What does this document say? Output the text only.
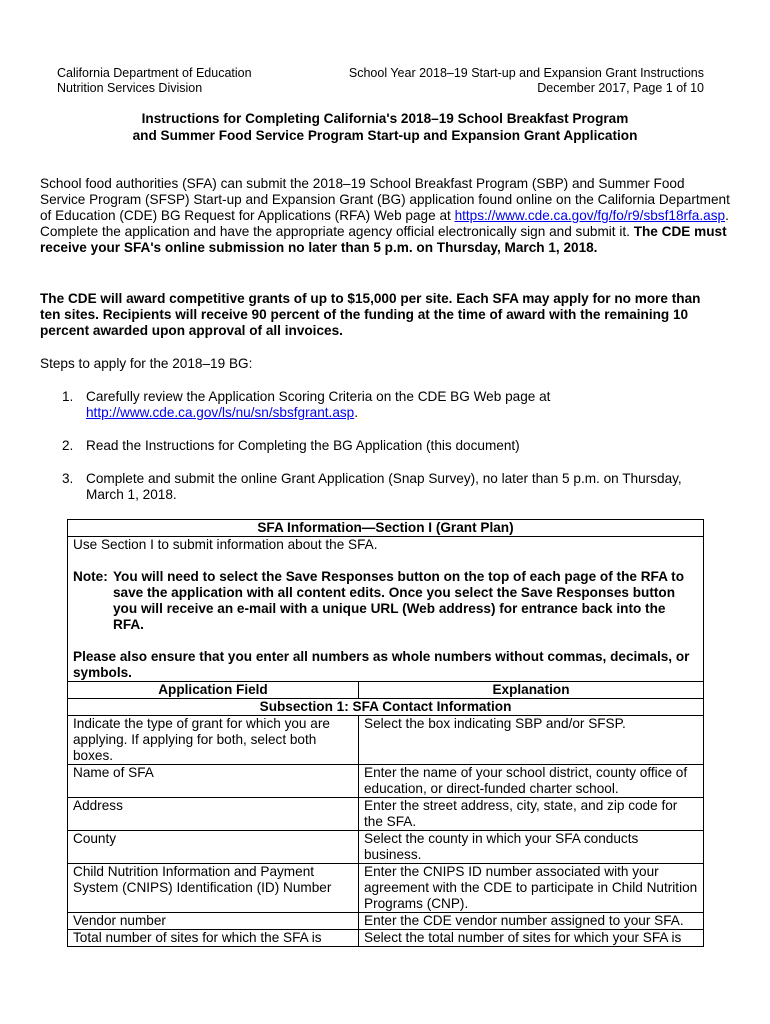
California Department of Education
Nutrition Services Division
School Year 2018–19 Start-up and Expansion Grant Instructions
December 2017, Page 1 of 10
Instructions for Completing California's 2018–19 School Breakfast Program
and Summer Food Service Program Start-up and Expansion Grant Application
School food authorities (SFA) can submit the 2018–19 School Breakfast Program (SBP) and Summer Food Service Program (SFSP) Start-up and Expansion Grant (BG) application found online on the California Department of Education (CDE) BG Request for Applications (RFA) Web page at https://www.cde.ca.gov/fg/fo/r9/sbsf18rfa.asp. Complete the application and have the appropriate agency official electronically sign and submit it. The CDE must receive your SFA's online submission no later than 5 p.m. on Thursday, March 1, 2018.
The CDE will award competitive grants of up to $15,000 per site. Each SFA may apply for no more than ten sites. Recipients will receive 90 percent of the funding at the time of award with the remaining 10 percent awarded upon approval of all invoices.
Steps to apply for the 2018–19 BG:
1. Carefully review the Application Scoring Criteria on the CDE BG Web page at http://www.cde.ca.gov/ls/nu/sn/sbsfgrant.asp.
2. Read the Instructions for Completing the BG Application (this document)
3. Complete and submit the online Grant Application (Snap Survey), no later than 5 p.m. on Thursday, March 1, 2018.
SFA Information—Section I (Grant Plan)	

Use Section I to submit information about the SFA.
Note: You will need to select the Save Responses button on the top of each page of the RFA to save the application with all content edits. Once you select the Save Responses button you will receive an e-mail with a unique URL (Web address) for entrance back into the RFA.
Please also ensure that you enter all numbers as whole numbers without commas, decimals, or symbols.	

Application Field	Explanation
Subsection 1: SFA Contact Information	
Indicate the type of grant for which you are applying. If applying for both, select both boxes.	Select the box indicating SBP and/or SFSP.
Name of SFA	Enter the name of your school district, county office of education, or direct-funded charter school.
Address	Enter the street address, city, state, and zip code for the SFA.
County	Select the county in which your SFA conducts business.
Child Nutrition Information and Payment System (CNIPS) Identification (ID) Number	Enter the CNIPS ID number associated with your agreement with the CDE to participate in Child Nutrition Programs (CNP).
Vendor number	Enter the CDE vendor number assigned to your SFA.
Total number of sites for which the SFA is	Select the total number of sites for which your SFA is
